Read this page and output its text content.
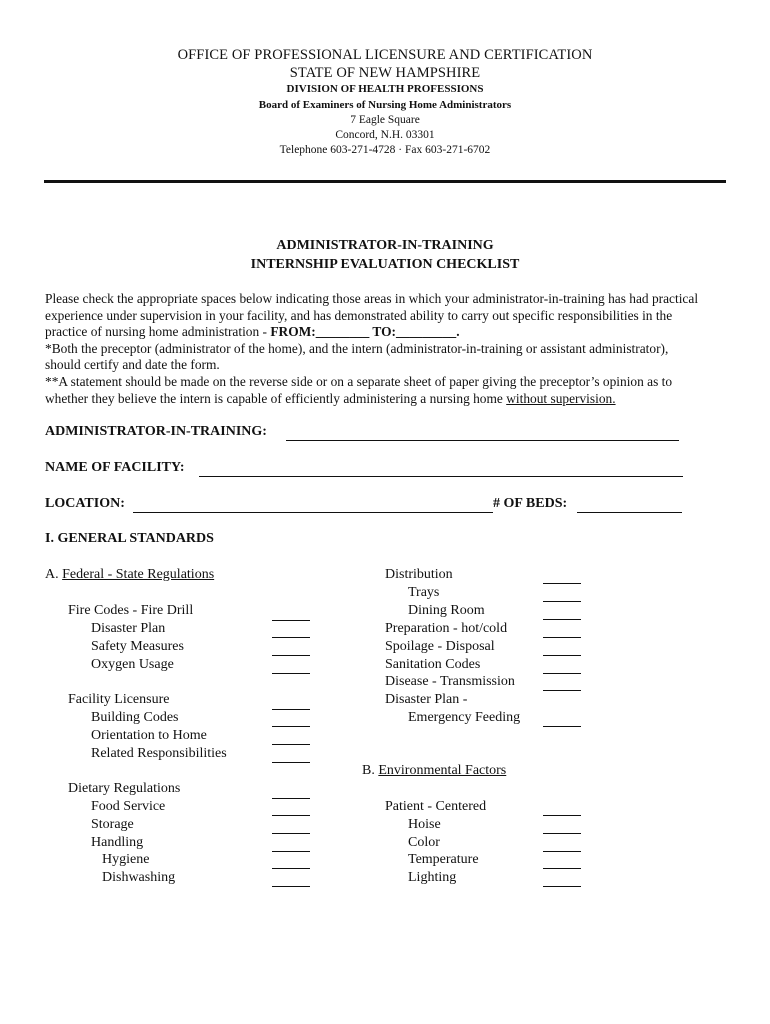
OFFICE OF PROFESSIONAL LICENSURE AND CERTIFICATION
STATE OF NEW HAMPSHIRE
DIVISION OF HEALTH PROFESSIONS
Board of Examiners of Nursing Home Administrators
7 Eagle Square
Concord, N.H. 03301
Telephone 603-271-4728 · Fax 603-271-6702
ADMINISTRATOR-IN-TRAINING
INTERNSHIP EVALUATION CHECKLIST

Please check the appropriate spaces below indicating those areas in which your administrator-in-training has had practical

experience under supervision in your facility, and has demonstrated ability to carry out specific responsibilities in the

practice of nursing home administration - FROM:________ TO:_________.

*Both the preceptor (administrator of the home), and the intern (administrator-in-training or assistant administrator),

should certify and date the form.

**A statement should be made on the reverse side or on a separate sheet of paper giving the preceptor’s opinion as to

whether they believe the intern is capable of efficiently administering a nursing home without supervision.

ADMINISTRATOR-IN-TRAINING:
NAME OF FACILITY:
LOCATION:	# OF BEDS:
I. GENERAL STANDARDS
A. Federal - State Regulations
Fire Codes - Fire Drill
Disaster Plan
Safety Measures
Oxygen Usage
Facility Licensure
Building Codes
Orientation to Home
Related Responsibilities
Dietary Regulations
Food Service
Storage
Handling
Hygiene
Dishwashing
Distribution
Trays
Dining Room
Preparation - hot/cold
Spoilage - Disposal
Sanitation Codes
Disease - Transmission
Disaster Plan -
Emergency Feeding
B. Environmental Factors
Patient - Centered
Hoise
Color
Temperature
Lighting
